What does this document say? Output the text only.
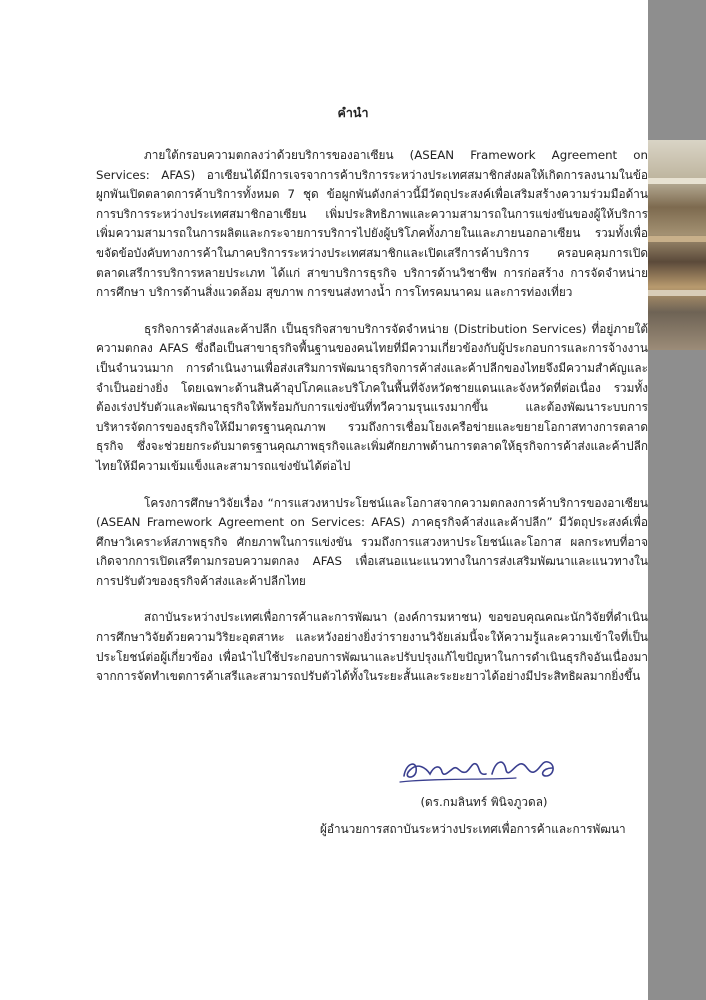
คำนำ

ภายใต้กรอบความตกลงว่าด้วยบริการของอาเซียน (ASEAN Framework Agreement on Services: AFAS) อาเซียนได้มีการเจรจาการค้าบริการระหว่างประเทศสมาชิกส่งผลให้เกิดการลงนามในข้อผูกพันเปิดตลาดการค้าบริการทั้งหมด 7 ชุด ข้อผูกพันดังกล่าวนี้มีวัตถุประสงค์เพื่อเสริมสร้างความร่วมมือด้านการบริการระหว่างประเทศสมาชิกอาเซียน เพิ่มประสิทธิภาพและความสามารถในการแข่งขันของผู้ให้บริการ เพิ่มความสามารถในการผลิตและกระจายการบริการไปยังผู้บริโภคทั้งภายในและภายนอกอาเซียน รวมทั้งเพื่อขจัดข้อบังคับทางการค้าในภาคบริการระหว่างประเทศสมาชิกและเปิดเสรีการค้าบริการ ครอบคลุมการเปิดตลาดเสรีการบริการหลายประเภท ได้แก่ สาขาบริการธุรกิจ บริการด้านวิชาชีพ การก่อสร้าง การจัดจำหน่าย การศึกษา บริการด้านสิ่งแวดล้อม สุขภาพ การขนส่งทางน้ำ การโทรคมนาคม และการท่องเที่ยว

ธุรกิจการค้าส่งและค้าปลีก เป็นธุรกิจสาขาบริการจัดจำหน่าย (Distribution Services) ที่อยู่ภายใต้ความตกลง AFAS ซึ่งถือเป็นสาขาธุรกิจพื้นฐานของคนไทยที่มีความเกี่ยวข้องกับผู้ประกอบการและการจ้างงานเป็นจำนวนมาก การดำเนินงานเพื่อส่งเสริมการพัฒนาธุรกิจการค้าส่งและค้าปลีกของไทยจึงมีความสำคัญและจำเป็นอย่างยิ่ง โดยเฉพาะด้านสินค้าอุปโภคและบริโภคในพื้นที่จังหวัดชายแดนและจังหวัดที่ต่อเนื่อง รวมทั้งต้องเร่งปรับตัวและพัฒนาธุรกิจให้พร้อมกับการแข่งขันที่ทวีความรุนแรงมากขึ้น และต้องพัฒนาระบบการบริหารจัดการของธุรกิจให้มีมาตรฐานคุณภาพ รวมถึงการเชื่อมโยงเครือข่ายและขยายโอกาสทางการตลาดธุรกิจ ซึ่งจะช่วยยกระดับมาตรฐานคุณภาพธุรกิจและเพิ่มศักยภาพด้านการตลาดให้ธุรกิจการค้าส่งและค้าปลีกไทยให้มีความเข้มแข็งและสามารถแข่งขันได้ต่อไป

โครงการศึกษาวิจัยเรื่อง “การแสวงหาประโยชน์และโอกาสจากความตกลงการค้าบริการของอาเซียน (ASEAN Framework Agreement on Services: AFAS) ภาคธุรกิจค้าส่งและค้าปลีก” มีวัตถุประสงค์เพื่อศึกษาวิเคราะห์สภาพธุรกิจ ศักยภาพในการแข่งขัน รวมถึงการแสวงหาประโยชน์และโอกาส ผลกระทบที่อาจเกิดจากการเปิดเสรีตามกรอบความตกลง AFAS เพื่อเสนอแนะแนวทางในการส่งเสริมพัฒนาและแนวทางในการปรับตัวของธุรกิจค้าส่งและค้าปลีกไทย

สถาบันระหว่างประเทศเพื่อการค้าและการพัฒนา (องค์การมหาชน) ขอขอบคุณคณะนักวิจัยที่ดำเนินการศึกษาวิจัยด้วยความวิริยะอุตสาหะ และหวังอย่างยิ่งว่ารายงานวิจัยเล่มนี้จะให้ความรู้และความเข้าใจที่เป็นประโยชน์ต่อผู้เกี่ยวข้อง เพื่อนำไปใช้ประกอบการพัฒนาและปรับปรุงแก้ไขปัญหาในการดำเนินธุรกิจอันเนื่องมาจากการจัดทำเขตการค้าเสรีและสามารถปรับตัวได้ทั้งในระยะสั้นและระยะยาวได้อย่างมีประสิทธิผลมากยิ่งขึ้น

(ดร.กมลินทร์ พินิจภูวดล)
ผู้อำนวยการสถาบันระหว่างประเทศเพื่อการค้าและการพัฒนา
